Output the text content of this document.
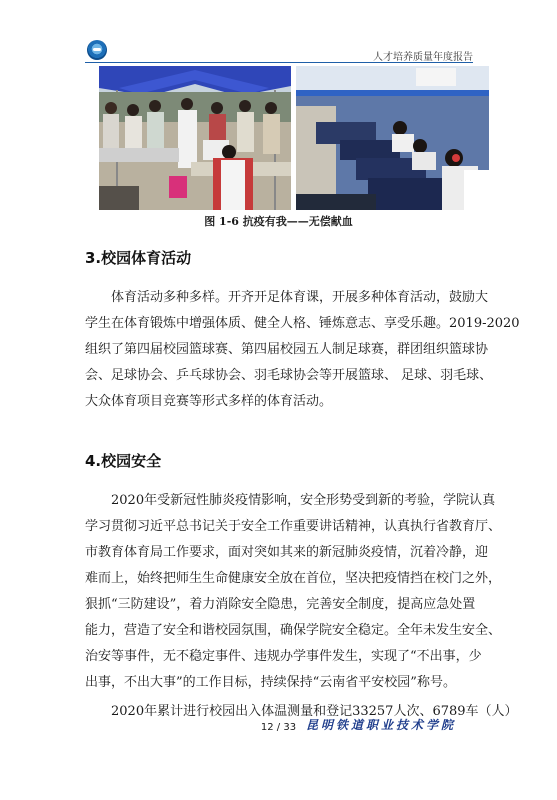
人才培养质量年度报告
图 1-6 抗疫有我——无偿献血
3.校园体育活动
体育活动多种多样。开齐开足体育课，开展多种体育活动，鼓励大
学生在体育锻炼中增强体质、健全人格、锤炼意志、享受乐趣。2019-2020
组织了第四届校园篮球赛、第四届校园五人制足球赛，群团组织篮球协
会、足球协会、乒乓球协会、羽毛球协会等开展篮球、 足球、羽毛球、
大众体育项目竞赛等形式多样的体育活动。
4.校园安全
2020年受新冠性肺炎疫情影响，安全形势受到新的考验，学院认真
学习贯彻习近平总书记关于安全工作重要讲话精神，认真执行省教育厅、
市教育体育局工作要求，面对突如其来的新冠肺炎疫情，沉着冷静，迎
难而上，始终把师生生命健康安全放在首位，坚决把疫情挡在校门之外，
狠抓“三防建设”，着力消除安全隐患，完善安全制度，提高应急处置
能力，营造了安全和谐校园氛围，确保学院安全稳定。全年未发生安全、
治安等事件，无不稳定事件、违规办学事件发生，实现了“不出事，少
出事，不出大事”的工作目标，持续保持“云南省平安校园”称号。
2020年累计进行校园出入体温测量和登记33257人次、6789车（人）
12 / 33 昆明铁道职业技术学院
